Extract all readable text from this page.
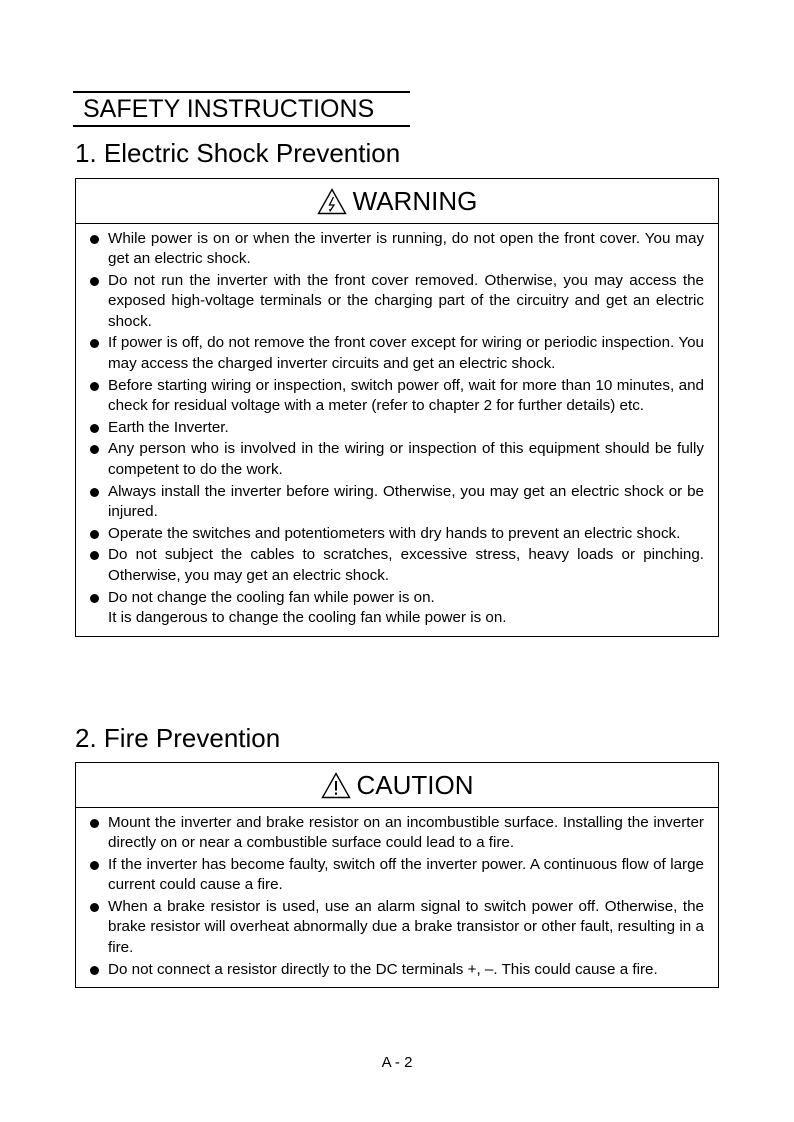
SAFETY INSTRUCTIONS
1. Electric Shock Prevention
WARNING
While power is on or when the inverter is running, do not open the front cover. You may get an electric shock.
Do not run the inverter with the front cover removed. Otherwise, you may access the exposed high-voltage terminals or the charging part of the circuitry and get an electric shock.
If power is off, do not remove the front cover except for wiring or periodic inspection. You may access the charged inverter circuits and get an electric shock.
Before starting wiring or inspection, switch power off, wait for more than 10 minutes, and check for residual voltage with a meter (refer to chapter 2 for further details) etc.
Earth the Inverter.
Any person who is involved in the wiring or inspection of this equipment should be fully competent to do the work.
Always install the inverter before wiring. Otherwise, you may get an electric shock or be injured.
Operate the switches and potentiometers with dry hands to prevent an electric shock.
Do not subject the cables to scratches, excessive stress, heavy loads or pinching. Otherwise, you may get an electric shock.
Do not change the cooling fan while power is on.
It is dangerous to change the cooling fan while power is on.
2. Fire Prevention
CAUTION
Mount the inverter and brake resistor on an incombustible surface. Installing the inverter directly on or near a combustible surface could lead to a fire.
If the inverter has become faulty, switch off the inverter power. A continuous flow of large current could cause a fire.
When a brake resistor is used, use an alarm signal to switch power off. Otherwise, the brake resistor will overheat abnormally due a brake transistor or other fault, resulting in a fire.
Do not connect a resistor directly to the DC terminals +, –. This could cause a fire.
A - 2
